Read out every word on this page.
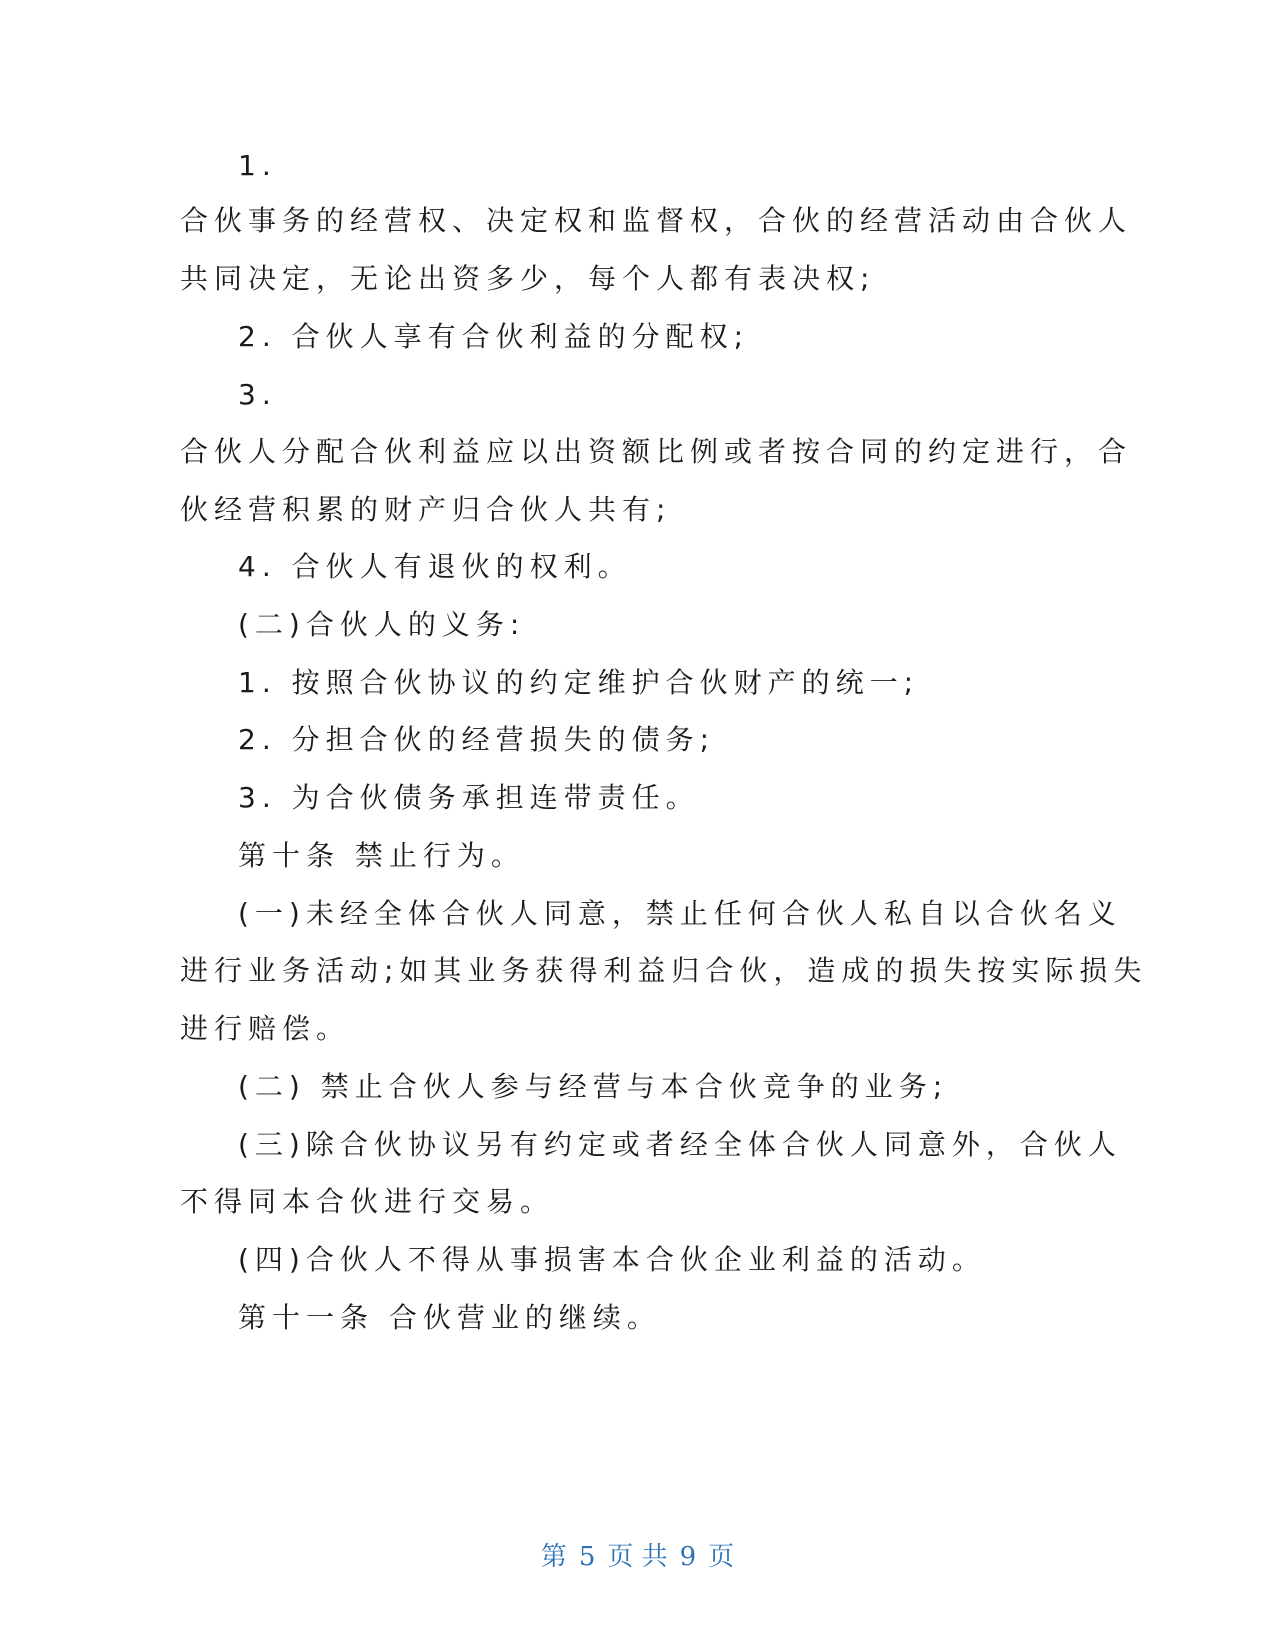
1.
合伙事务的经营权、决定权和监督权，合伙的经营活动由合伙人
共同决定，无论出资多少，每个人都有表决权;
2. 合伙人享有合伙利益的分配权;
3.
合伙人分配合伙利益应以出资额比例或者按合同的约定进行，合
伙经营积累的财产归合伙人共有;
4. 合伙人有退伙的权利。
(二)合伙人的义务:
1. 按照合伙协议的约定维护合伙财产的统一;
2. 分担合伙的经营损失的债务;
3. 为合伙债务承担连带责任。
第十条 禁止行为。
(一)未经全体合伙人同意，禁止任何合伙人私自以合伙名义
进行业务活动;如其业务获得利益归合伙，造成的损失按实际损失
进行赔偿。
(二) 禁止合伙人参与经营与本合伙竞争的业务;
(三)除合伙协议另有约定或者经全体合伙人同意外，合伙人
不得同本合伙进行交易。
(四)合伙人不得从事损害本合伙企业利益的活动。
第十一条 合伙营业的继续。
第 5 页 共 9 页
